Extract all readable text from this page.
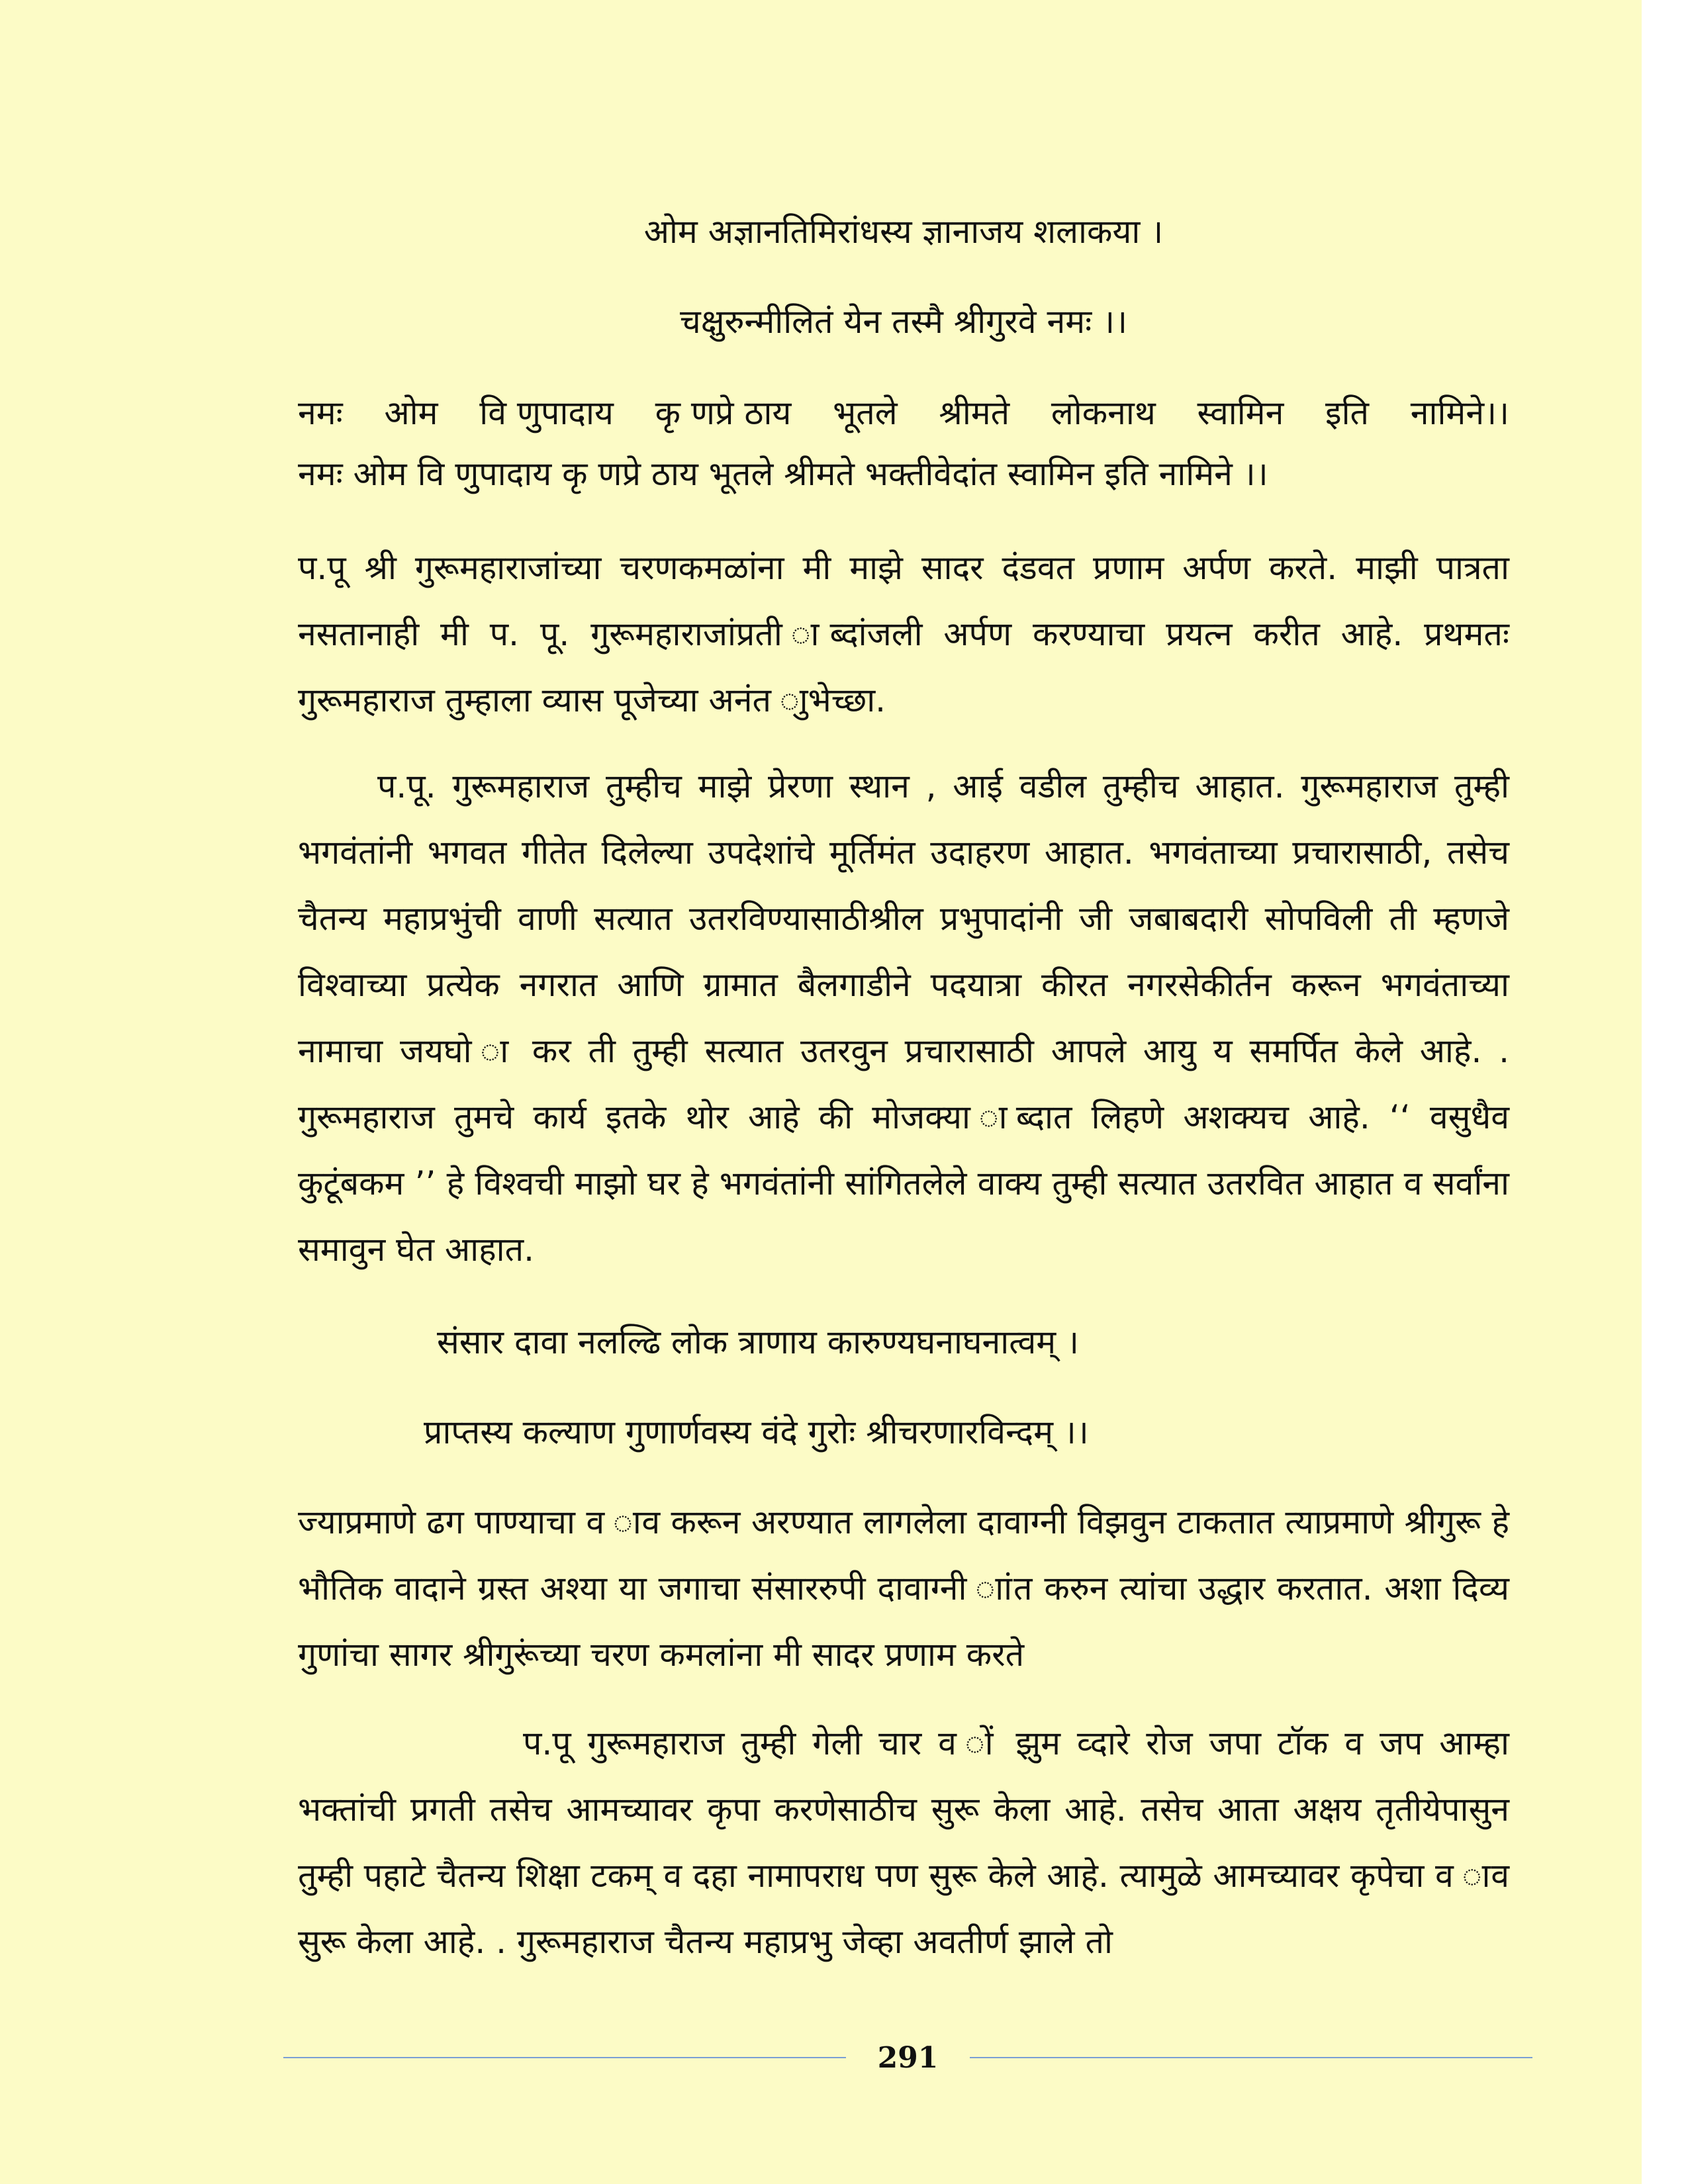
ओम अज्ञानतिमिरांधस्य ज्ञानाजय शलाकया ।
चक्षुरुन्मीलितं येन तस्मै श्रीगुरवे नमः ।।
नमः ओम वि णुपादाय कृ णप्रे ठाय भूतले श्रीमते लोकनाथ स्वामिन इति नामिने।।
नमः ओम वि णुपादाय कृ णप्रे ठाय भूतले श्रीमते भक्तीवेदांत स्वामिन इति नामिने ।।

प.पू श्री गुरूमहाराजांच्या चरणकमळांना मी माझे सादर दंडवत प्रणाम अर्पण करते. माझी पात्रता नसतानाही मी प. पू. गुरूमहाराजांप्रती ाब्दांजली अर्पण करण्याचा प्रयत्न करीत आहे. प्रथमतः गुरूमहाराज तुम्हाला व्यास पूजेच्या अनंत ाुभेच्छा.

प.पू. गुरूमहाराज तुम्हीच माझे प्रेरणा स्थान , आई वडील तुम्हीच आहात. गुरूमहाराज तुम्ही भगवंतांनी भगवत गीतेत दिलेल्या उपदेशांचे मूर्तिमंत उदाहरण आहात. भगवंताच्या प्रचारासाठी, तसेच चैतन्य महाप्रभुंची वाणी सत्यात उतरविण्यासाठीश्रील प्रभुपादांनी जी जबाबदारी सोपविली ती म्हणजे विश्वाच्या प्रत्येक नगरात आणि ग्रामात बैलगाडीने पदयात्रा कीरत नगरसेकीर्तन करून भगवंताच्या नामाचा जयघो ा कर ती तुम्ही सत्यात उतरवुन प्रचारासाठी आपले आयु य समर्पित केले आहे. . गुरूमहाराज तुमचे कार्य इतके थोर आहे की मोजक्या ाब्दात लिहणे अशक्यच आहे. ‘‘ वसुधैव कुटूंबकम ’’ हे विश्वची माझो घर हे भगवंतांनी सांगितलेले वाक्य तुम्ही सत्यात उतरवित आहात व सर्वांना समावुन घेत आहात.

संसार दावा नलल्ढि लोक त्राणाय कारुण्यघनाघनात्वम् ।
प्राप्तस्य कल्याण गुणार्णवस्य वंदे गुरोः श्रीचरणारविन्दम् ।।

ज्याप्रमाणे ढग पाण्याचा व ाव करून अरण्यात लागलेला दावाग्नी विझवुन टाकतात त्याप्रमाणे श्रीगुरू हे भौतिक वादाने ग्रस्त अश्या या जगाचा संसाररुपी दावाग्नी ाांत करुन त्यांचा उद्धार करतात. अशा दिव्य गुणांचा सागर श्रीगुरूंच्या चरण कमलांना मी सादर प्रणाम करते

प.पू गुरूमहाराज तुम्ही गेली चार व ों झुम व्दारे रोज जपा टॉक व जप आम्हा भक्तांची प्रगती तसेच आमच्यावर कृपा करणेसाठीच सुरू केला आहे. तसेच आता अक्षय तृतीयेपासुन तुम्ही पहाटे चैतन्य शिक्षा टकम् व दहा नामापराध पण सुरू केले आहे. त्यामुळे आमच्यावर कृपेचा व ाव सुरू केला आहे. . गुरूमहाराज चैतन्य महाप्रभु जेव्हा अवतीर्ण झाले तो

291
